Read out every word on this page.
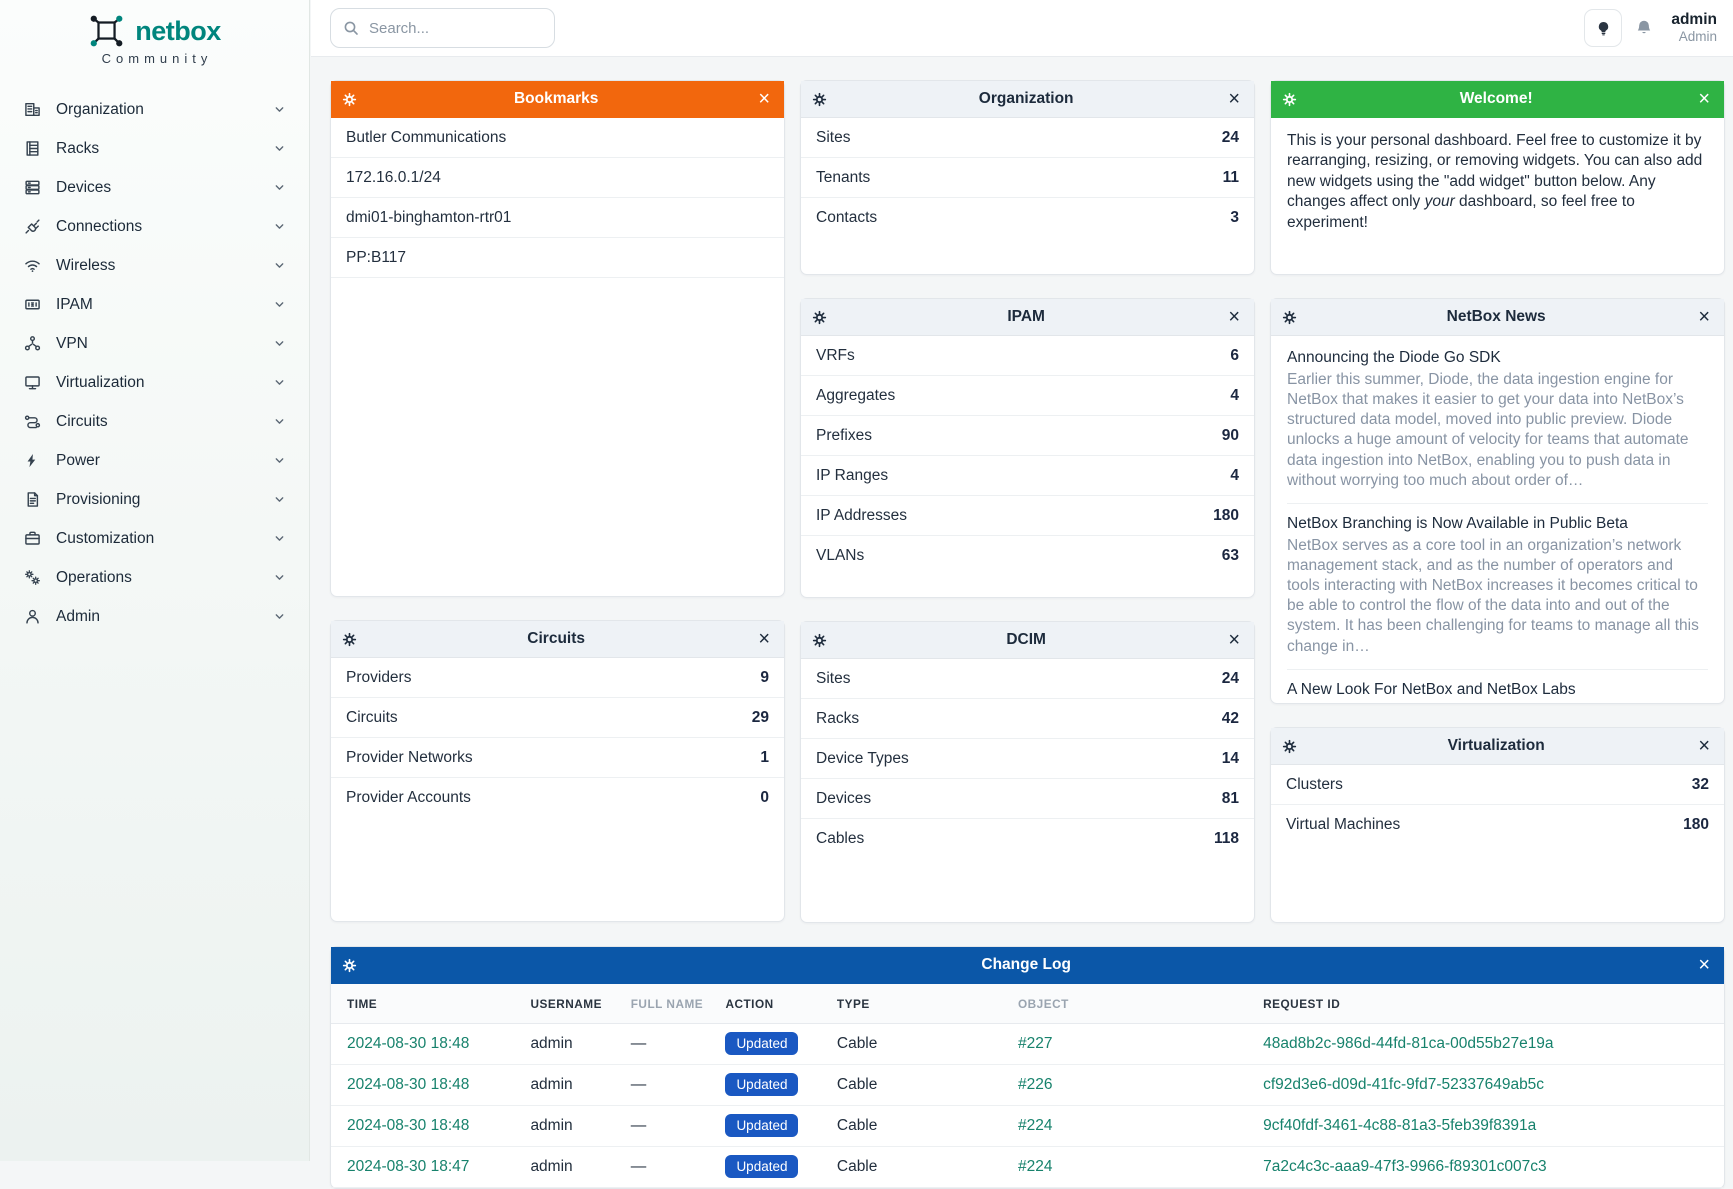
netbox
Community
Organization
Racks
Devices
Connections
Wireless
IPAM
VPN
Virtualization
Circuits
Power
Provisioning
Customization
Operations
Admin
Search...
admin
Admin
Bookmarks	×
Butler Communications
172.16.0.1/24
dmi01-binghamton-rtr01
PP:B117
Circuits	×
Providers	9
Circuits	29
Provider Networks	1
Provider Accounts	0
Organization	×
Sites	24
Tenants	11
Contacts	3
IPAM	×
VRFs	6
Aggregates	4
Prefixes	90
IP Ranges	4
IP Addresses	180
VLANs	63
DCIM	×
Sites	24
Racks	42
Device Types	14
Devices	81
Cables	118
Welcome!	×
This is your personal dashboard. Feel free to customize it by rearranging, resizing, or removing widgets. You can also add new widgets using the "add widget" button below. Any changes affect only your dashboard, so feel free to experiment!
NetBox News	×
Announcing the Diode Go SDK
Earlier this summer, Diode, the data ingestion engine for NetBox that makes it easier to get your data into NetBox’s structured data model, moved into public preview. Diode unlocks a huge amount of velocity for teams that automate data ingestion into NetBox, enabling you to push data in without worrying too much about order of…
NetBox Branching is Now Available in Public Beta
NetBox serves as a core tool in an organization’s network management stack, and as the number of operators and tools interacting with NetBox increases it becomes critical to be able to control the flow of the data into and out of the system. It has been challenging for teams to manage all this change in…
A New Look For NetBox and NetBox Labs
Virtualization	×
Clusters	32
Virtual Machines	180
Change Log	×
TIME	USERNAME	FULL NAME	ACTION	TYPE	OBJECT	REQUEST ID
2024-08-30 18:48	admin	—	Updated	Cable	#227	48ad8b2c-986d-44fd-81ca-00d55b27e19a
2024-08-30 18:48	admin	—	Updated	Cable	#226	cf92d3e6-d09d-41fc-9fd7-52337649ab5c
2024-08-30 18:48	admin	—	Updated	Cable	#224	9cf40fdf-3461-4c88-81a3-5feb39f8391a
2024-08-30 18:47	admin	—	Updated	Cable	#224	7a2c4c3c-aaa9-47f3-9966-f89301c007c3
